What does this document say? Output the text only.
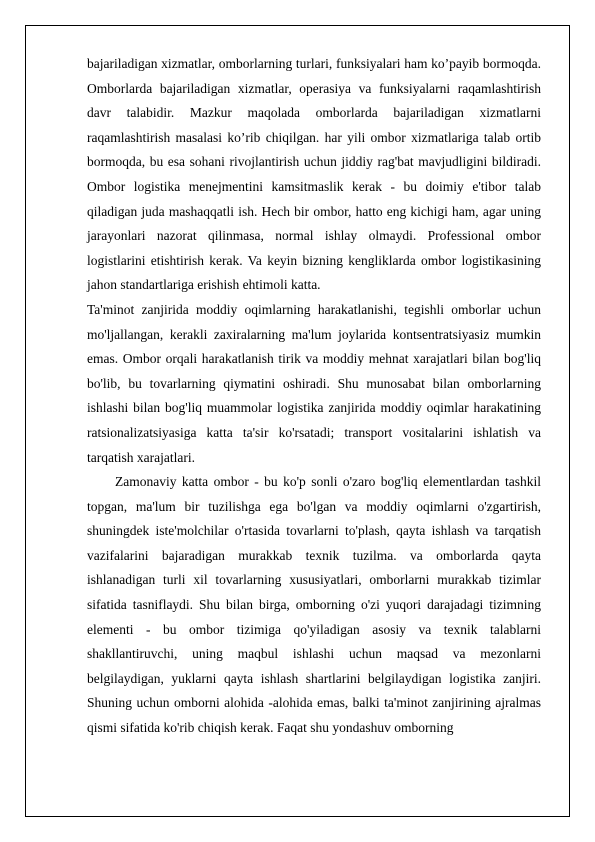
bajariladigan xizmatlar, omborlarning turlari, funksiyalari ham ko’payib bormoqda. Omborlarda bajariladigan xizmatlar, operasiya va funksiyalarni raqamlashtirish davr talabidir. Mazkur maqolada omborlarda bajariladigan xizmatlarni raqamlashtirish masalasi ko’rib chiqilgan. har yili ombor xizmatlariga talab ortib bormoqda, bu esa sohani rivojlantirish uchun jiddiy rag'bat mavjudligini bildiradi. Ombor logistika menejmentini kamsitmaslik kerak - bu doimiy e'tibor talab qiladigan juda mashaqqatli ish. Hech bir ombor, hatto eng kichigi ham, agar uning jarayonlari nazorat qilinmasa, normal ishlay olmaydi. Professional ombor logistlarini etishtirish kerak. Va keyin bizning kengliklarda ombor logistikasining jahon standartlariga erishish ehtimoli katta.

Ta'minot zanjirida moddiy oqimlarning harakatlanishi, tegishli omborlar uchun mo'ljallangan, kerakli zaxiralarning ma'lum joylarida kontsentratsiyasiz mumkin emas. Ombor orqali harakatlanish tirik va moddiy mehnat xarajatlari bilan bog'liq bo'lib, bu tovarlarning qiymatini oshiradi. Shu munosabat bilan omborlarning ishlashi bilan bog'liq muammolar logistika zanjirida moddiy oqimlar harakatining ratsionalizatsiyasiga katta ta'sir ko'rsatadi; transport vositalarini ishlatish va tarqatish xarajatlari.

Zamonaviy katta ombor - bu ko'p sonli o'zaro bog'liq elementlardan tashkil topgan, ma'lum bir tuzilishga ega bo'lgan va moddiy oqimlarni o'zgartirish, shuningdek iste'molchilar o'rtasida tovarlarni to'plash, qayta ishlash va tarqatish vazifalarini bajaradigan murakkab texnik tuzilma. va omborlarda qayta ishlanadigan turli xil tovarlarning xususiyatlari, omborlarni murakkab tizimlar sifatida tasniflaydi. Shu bilan birga, omborning o'zi yuqori darajadagi tizimning elementi - bu ombor tizimiga qo'yiladigan asosiy va texnik talablarni shakllantiruvchi, uning maqbul ishlashi uchun maqsad va mezonlarni belgilaydigan, yuklarni qayta ishlash shartlarini belgilaydigan logistika zanjiri. Shuning uchun omborni alohida -alohida emas, balki ta'minot zanjirining ajralmas qismi sifatida ko'rib chiqish kerak. Faqat shu yondashuv omborning
